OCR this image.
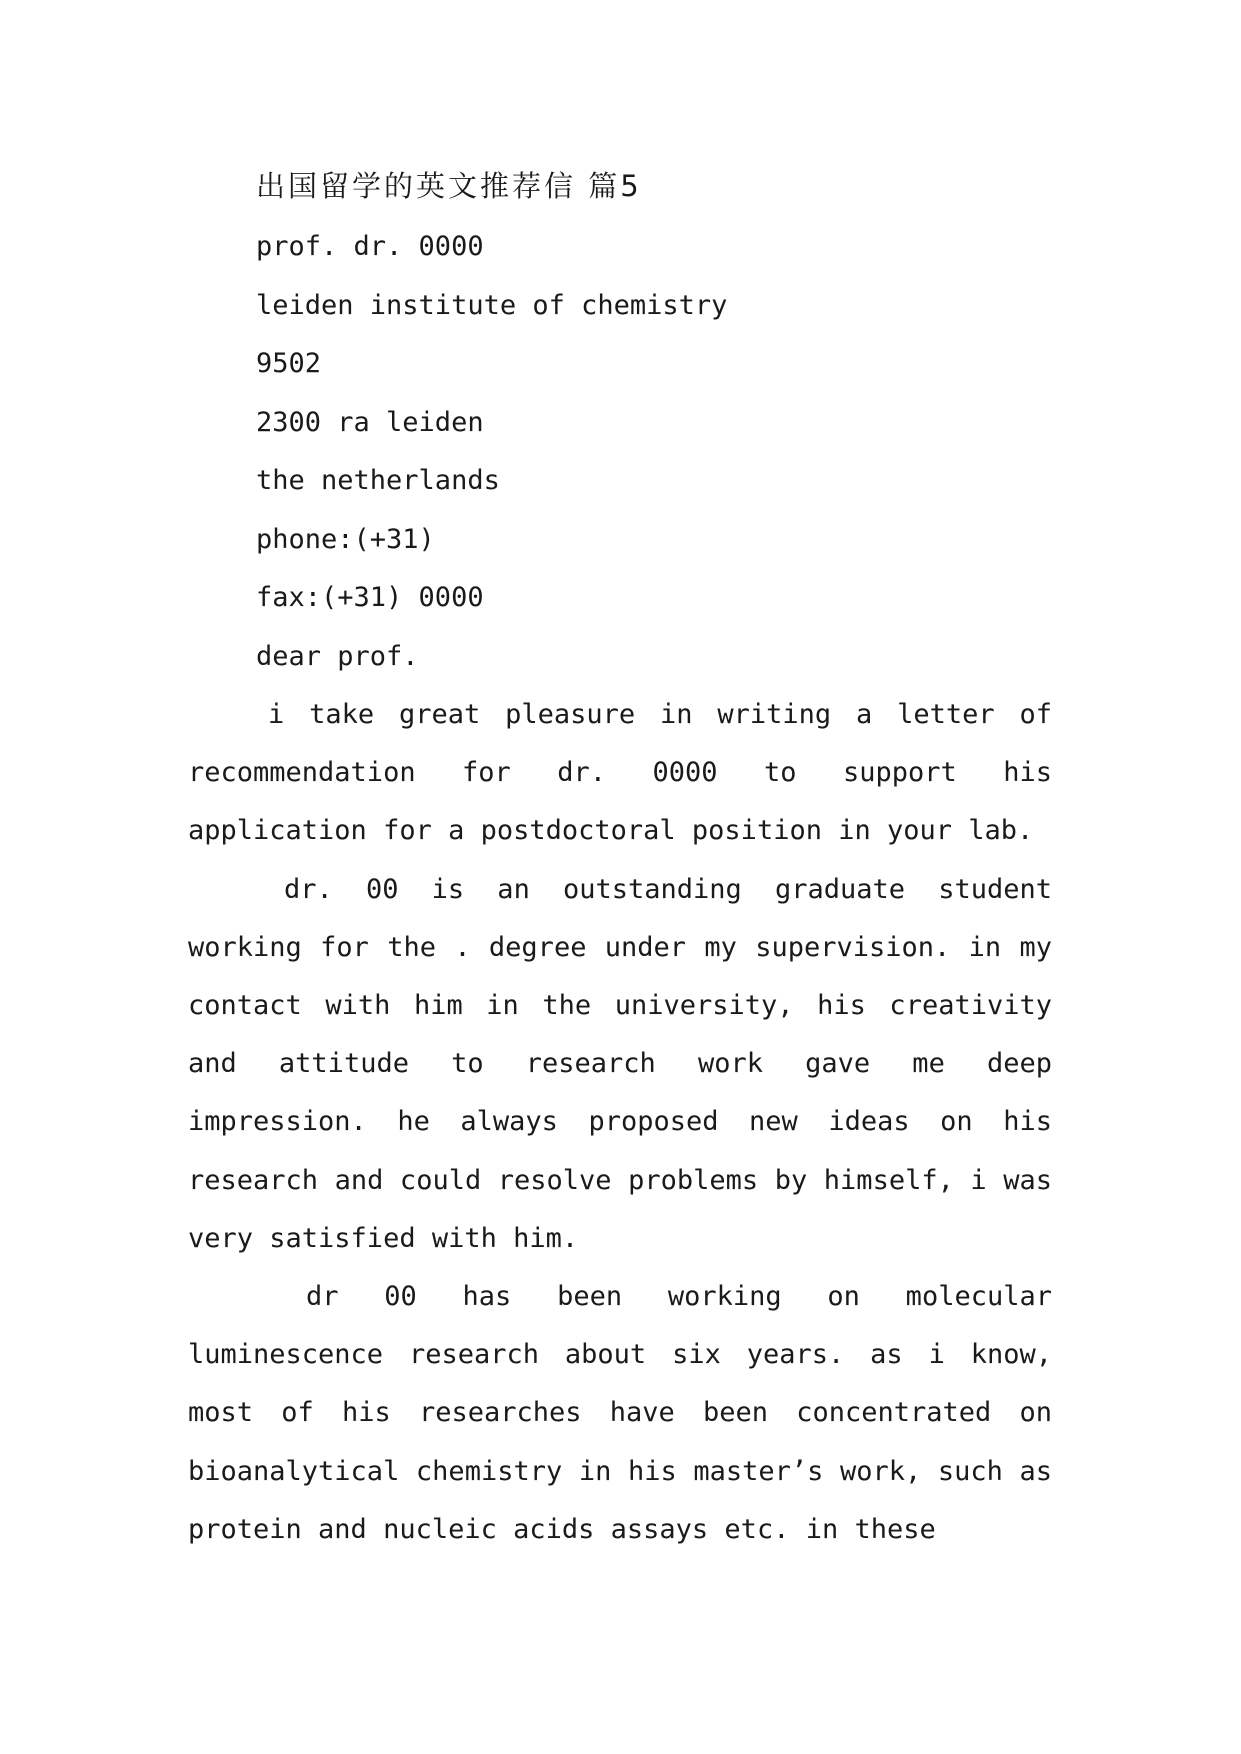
出国留学的英文推荐信 篇5
prof. dr. 0000
leiden institute of chemistry
9502
2300 ra leiden
the netherlands
phone:(+31)
fax:(+31) 0000
dear prof.

i take great pleasure in writing a letter of recommendation for dr. 0000 to support his application for a postdoctoral position in your lab.

dr. 00 is an outstanding graduate student working for the . degree under my supervision. in my contact with him in the university, his creativity and attitude to research work gave me deep impression. he always proposed new ideas on his research and could resolve problems by himself, i was very satisfied with him.

dr 00 has been working on molecular luminescence research about six years. as i know, most of his researches have been concentrated on bioanalytical chemistry in his master’s work, such as protein and nucleic acids assays etc. in these
